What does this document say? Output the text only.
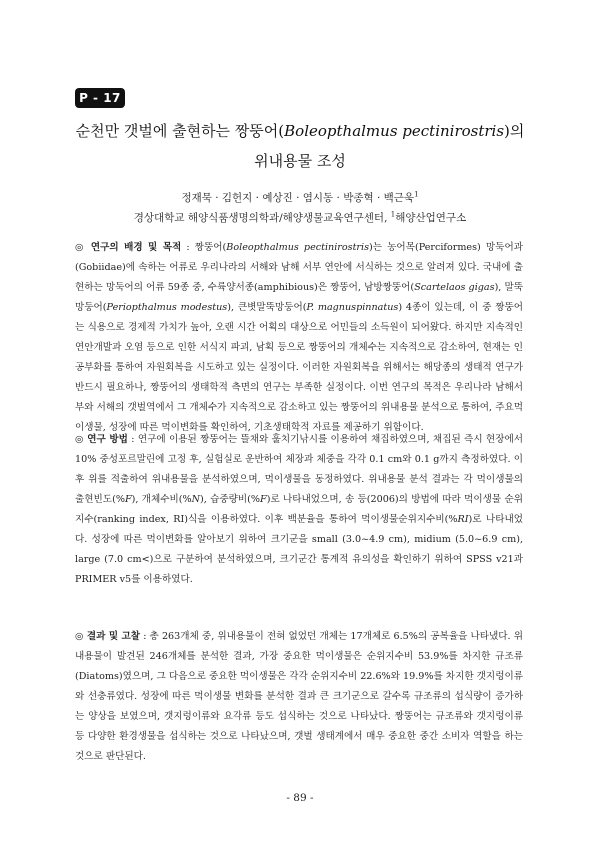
P - 17
순천만 갯벌에 출현하는 짱뚱어(Boleopthalmus pectinirostris)의
위내용물 조성
정재묵 · 김헌지 · 예상진 · 염시동 · 박종혁 · 백근욱$^1$
경상대학교 해양식품생명의학과/해양생물교육연구센터, $^1$해양산업연구소
◎ 연구의 배경 및 목적 : 짱뚱어(Boleopthalmus pectinirostris)는 농어목(Perciformes) 망둑어과(Gobiidae)에 속하는 어류로 우리나라의 서해와 남해 서부 연안에 서식하는 것으로 알려져 있다. 국내에 출현하는 망둑어의 어류 59종 중, 수륙양서종(amphibious)은 짱뚱어, 남방짱뚱어(Scartelaos gigas), 말뚝망둥어(Periopthalmus modestus), 큰볏말뚝망둥어(P. magnuspinnatus) 4종이 있는데, 이 중 짱뚱어는 식용으로 경제적 가치가 높아, 오랜 시간 어획의 대상으로 어민들의 소득원이 되어왔다. 하지만 지속적인 연안개발과 오염 등으로 인한 서식지 파괴, 남획 등으로 짱뚱어의 개체수는 지속적으로 감소하여, 현재는 인공부화를 통하여 자원회복을 시도하고 있는 실정이다. 이러한 자원회복을 위해서는 해당종의 생태적 연구가 반드시 필요하나, 짱뚱어의 생태학적 측면의 연구는 부족한 실정이다. 이번 연구의 목적은 우리나라 남해서부와 서해의 갯벌역에서 그 개체수가 지속적으로 감소하고 있는 짱뚱어의 위내용물 분석으로 통하여, 주요먹이생물, 성장에 따른 먹이변화를 확인하여, 기초생태학적 자료를 제공하기 위함이다.
◎ 연구 방법 : 연구에 이용된 짱뚱어는 뜰채와 훌치기낚시를 이용하여 채집하였으며, 채집된 즉시 현장에서 10% 중성포르말린에 고정 후, 실험실로 운반하여 체장과 체중을 각각 0.1 cm와 0.1 g까지 측정하였다. 이후 위를 적출하여 위내용물을 분석하였으며, 먹이생물을 동정하였다. 위내용물 분석 결과는 각 먹이생물의 출현빈도(%F), 개체수비(%N), 습중량비(%F)로 나타내었으며, 송 등(2006)의 방법에 따라 먹이생물 순위지수(ranking index, RI)식을 이용하였다. 이후 백분율을 통하여 먹이생물순위지수비(%RI)로 나타내었다. 성장에 따른 먹이변화를 알아보기 위하여 크기군을 small (3.0~4.9 cm), midium (5.0~6.9 cm), large (7.0 cm<)으로 구분하여 분석하였으며, 크기군간 통계적 유의성을 확인하기 위하여 SPSS v21과 PRIMER v5를 이용하였다.
◎ 결과 및 고찰 : 총 263개체 중, 위내용물이 전혀 없었던 개체는 17개체로 6.5%의 공복율을 나타냈다. 위내용물이 발견된 246개체를 분석한 결과, 가장 중요한 먹이생물은 순위지수비 53.9%를 차지한 규조류(Diatoms)였으며, 그 다음으로 중요한 먹이생물은 각각 순위지수비 22.6%와 19.9%를 차지한 갯지렁이류와 선충류였다. 성장에 따른 먹이생물 변화를 분석한 결과 큰 크기군으로 갈수록 규조류의 섭식량이 증가하는 양상을 보였으며, 갯지렁이류와 요각류 등도 섭식하는 것으로 나타났다. 짱뚱어는 규조류와 갯지렁이류 등 다양한 환경생물을 섭식하는 것으로 나타났으며, 갯벌 생태계에서 매우 중요한 중간 소비자 역할을 하는 것으로 판단된다.
- 89 -
